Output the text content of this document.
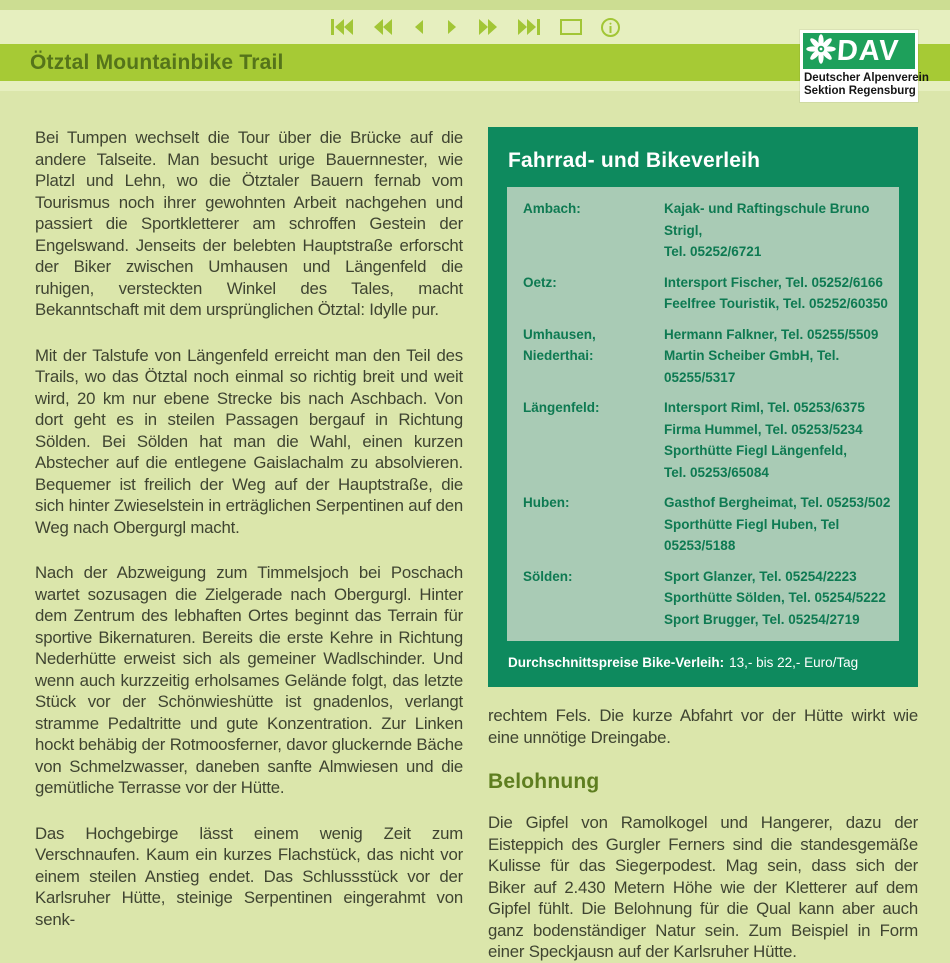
Ötztal Mountainbike Trail	DAV
Deutscher Alpenverein
Sektion Regensburg

Bei Tumpen wechselt die Tour über die Brücke auf die andere Talseite. Man besucht urige Bauernnester, wie Platzl und Lehn, wo die Ötztaler Bauern fernab vom Tourismus noch ihrer gewohnten Arbeit nachgehen und passiert die Sportkletterer am schroffen Gestein der Engelswand. Jenseits der belebten Hauptstraße erforscht der Biker zwischen Umhausen und Längenfeld die ruhigen, versteckten Winkel des Tales, macht Bekanntschaft mit dem ursprünglichen Ötztal: Idylle pur.

Mit der Talstufe von Längenfeld erreicht man den Teil des Trails, wo das Ötztal noch einmal so richtig breit und weit wird, 20 km nur ebene Strecke bis nach Aschbach. Von dort geht es in steilen Passagen bergauf in Richtung Sölden. Bei Sölden hat man die Wahl, einen kurzen Abstecher auf die entlegene Gaislachalm zu absolvieren. Bequemer ist freilich der Weg auf der Hauptstraße, die sich hinter Zwieselstein in erträglichen Serpentinen auf den Weg nach Obergurgl macht.

Nach der Abzweigung zum Timmelsjoch bei Poschach wartet sozusagen die Zielgerade nach Obergurgl. Hinter dem Zentrum des lebhaften Ortes beginnt das Terrain für sportive Bikernaturen. Bereits die erste Kehre in Richtung Nederhütte erweist sich als gemeiner Wadlschinder. Und wenn auch kurzzeitig erholsames Gelände folgt, das letzte Stück vor der Schönwieshütte ist gnadenlos, verlangt stramme Pedaltritte und gute Konzentration. Zur Linken hockt behäbig der Rotmoosferner, davor gluckernde Bäche von Schmelzwasser, daneben sanfte Almwiesen und die gemütliche Terrasse vor der Hütte.

Das Hochgebirge lässt einem wenig Zeit zum Verschnaufen. Kaum ein kurzes Flachstück, das nicht vor einem steilen Anstieg endet. Das Schlussstück vor der Karlsruher Hütte, steinige Serpentinen eingerahmt von senk-

Fahrrad- und Bikeverleih
Ambach:	Kajak- und Raftingschule Bruno Strigl,
Tel. 05252/6721
Oetz:	Intersport Fischer, Tel. 05252/6166
Feelfree Touristik, Tel. 05252/60350
Umhausen, Niederthai:
Hermann Falkner, Tel. 05255/5509
Martin Scheiber GmbH, Tel. 05255/5317
Längenfeld:	Intersport Riml, Tel. 05253/6375
Firma Hummel, Tel. 05253/5234
Sporthütte Fiegl Längenfeld,
Tel. 05253/65084
Huben:	Gasthof Bergheimat, Tel. 05253/502
Sporthütte Fiegl Huben, Tel 05253/5188
Sölden:	Sport Glanzer, Tel. 05254/2223
Sporthütte Sölden, Tel. 05254/5222
Sport Brugger, Tel. 05254/2719
Durchschnittspreise Bike-Verleih: 13,- bis 22,- Euro/Tag

rechtem Fels. Die kurze Abfahrt vor der Hütte wirkt wie eine unnötige Dreingabe.

Belohnung

Die Gipfel von Ramolkogel und Hangerer, dazu der Eisteppich des Gurgler Ferners sind die standesgemäße Kulisse für das Siegerpodest. Mag sein, dass sich der Biker auf 2.430 Metern Höhe wie der Kletterer auf dem Gipfel fühlt. Die Belohnung für die Qual kann aber auch ganz bodenständiger Natur sein. Zum Beispiel in Form einer Speckjausn auf der Karlsruher Hütte.
